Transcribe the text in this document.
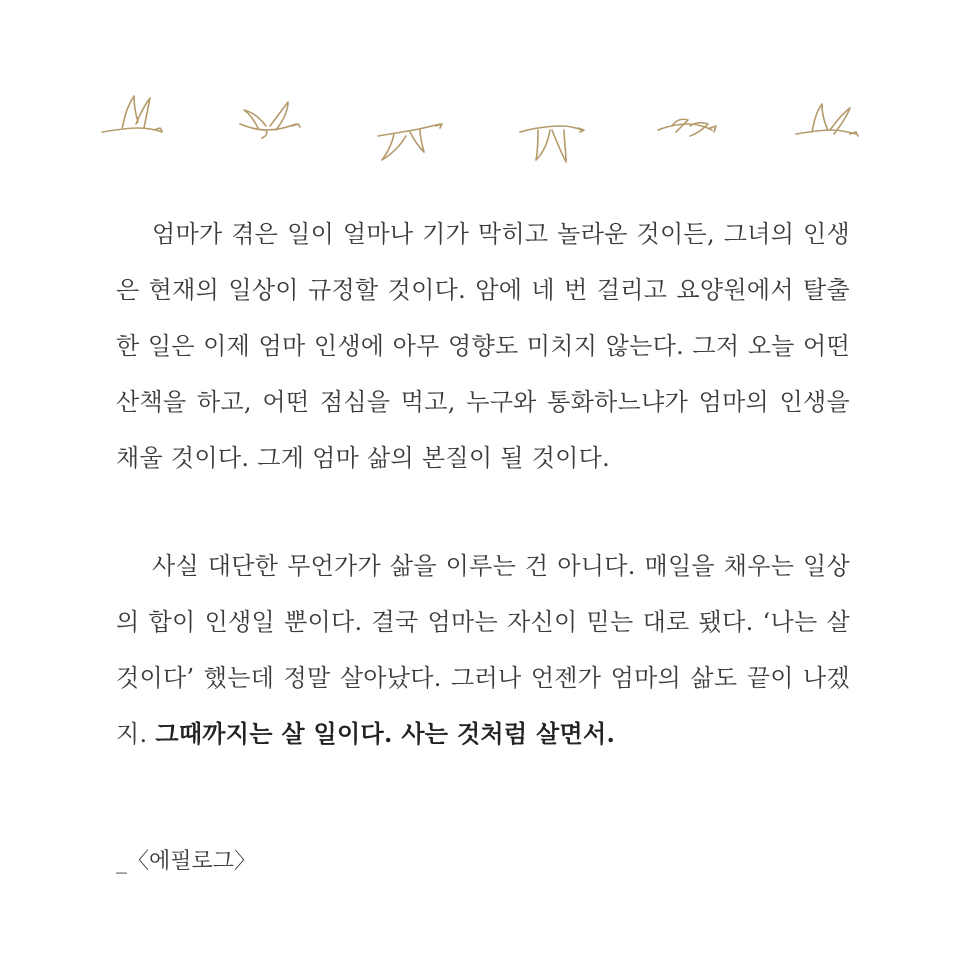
엄마가 겪은 일이 얼마나 기가 막히고 놀라운 것이든, 그녀의 인생은 현재의 일상이 규정할 것이다. 암에 네 번 걸리고 요양원에서 탈출한 일은 이제 엄마 인생에 아무 영향도 미치지 않는다. 그저 오늘 어떤 산책을 하고, 어떤 점심을 먹고, 누구와 통화하느냐가 엄마의 인생을 채울 것이다. 그게 엄마 삶의 본질이 될 것이다.

사실 대단한 무언가가 삶을 이루는 건 아니다. 매일을 채우는 일상의 합이 인생일 뿐이다. 결국 엄마는 자신이 믿는 대로 됐다. ‘나는 살 것이다’ 했는데 정말 살아났다. 그러나 언젠가 엄마의 삶도 끝이 나겠지. 그때까지는 살 일이다. 사는 것처럼 살면서.

_〈에필로그〉
